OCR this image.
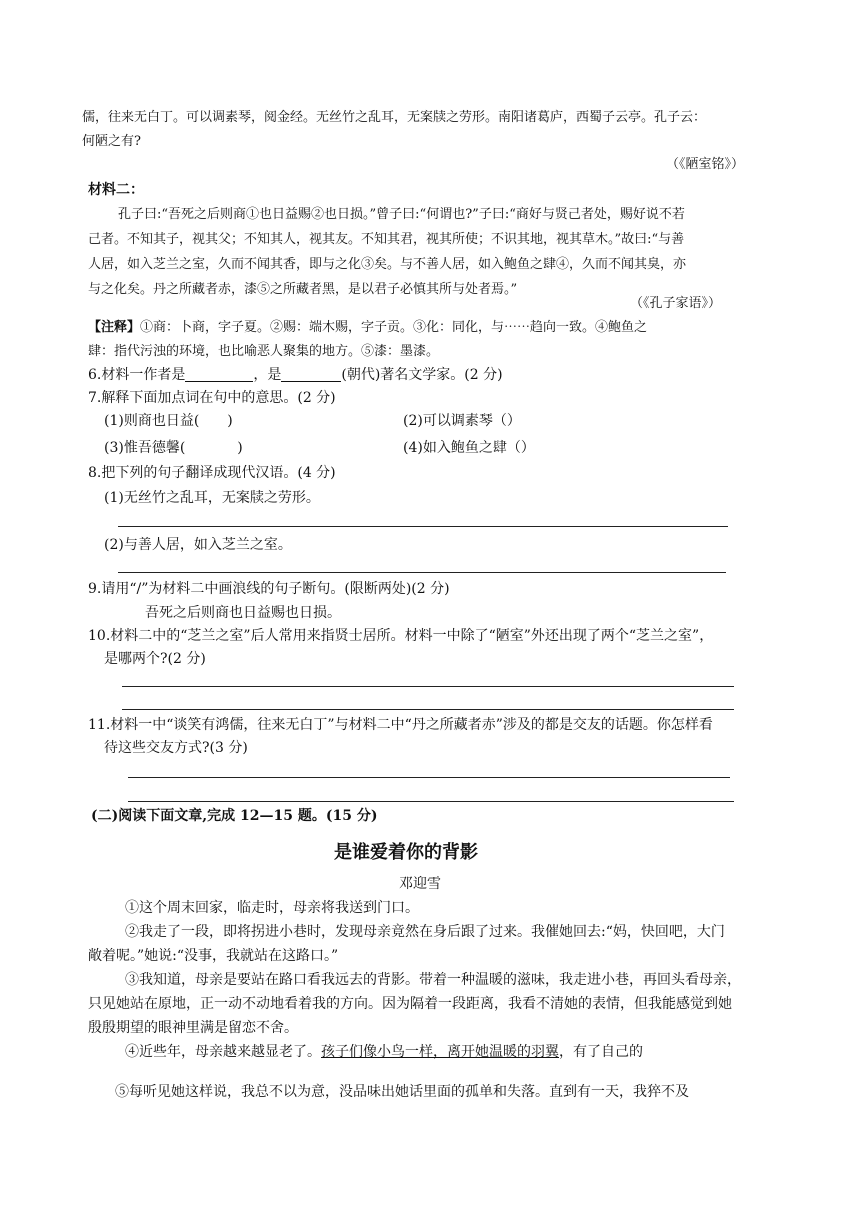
儒，往来无白丁。可以调素琴，阅金经。无丝竹之乱耳，无案牍之劳形。南阳诸葛庐，西蜀子云亭。孔子云：
何陋之有?
（《陋室铭》）
材料二：
孔子曰:“吾死之后则商①也日益赐②也日损。”曾子曰:“何谓也?”子曰:“商好与贤己者处，赐好说不若
己者。不知其子，视其父；不知其人，视其友。不知其君，视其所使；不识其地，视其草木。”故曰:“与善
人居，如入芝兰之室，久而不闻其香，即与之化③矣。与不善人居，如入鲍鱼之肆④，久而不闻其臭，亦
与之化矣。丹之所藏者赤，漆⑤之所藏者黑，是以君子必慎其所与处者焉。”
（《孔子家语》）
【注释】①商：卜商，字子夏。②赐：端木赐，字子贡。③化：同化，与⋯⋯趋向一致。④鲍鱼之
肆：指代污浊的环境，也比喻恶人聚集的地方。⑤漆：墨漆。
6.材料一作者是	，是	(朝代)著名文学家。(2 分)
7.解释下面加点词在句中的意思。(2 分)
(1)则商也日益( )	(2)可以调素琴（）
(3)惟吾德馨(	)	(4)如入鲍鱼之肆（）
8.把下列的句子翻译成现代汉语。(4 分)
(1)无丝竹之乱耳，无案牍之劳形。
(2)与善人居，如入芝兰之室。
9.请用“/”为材料二中画浪线的句子断句。(限断两处)(2 分)
吾死之后则商也日益赐也日损。
10.材料二中的“芝兰之室”后人常用来指贤士居所。材料一中除了“陋室”外还出现了两个“芝兰之室”，
是哪两个?(2 分)
11.材料一中“谈笑有鸿儒，往来无白丁”与材料二中“丹之所藏者赤”涉及的都是交友的话题。你怎样看
待这些交友方式?(3 分)
(二)阅读下面文章,完成 12—15 题。(15 分)
是谁爱着你的背影
邓迎雪
①这个周末回家，临走时，母亲将我送到门口。
②我走了一段，即将拐进小巷时，发现母亲竟然在身后跟了过来。我催她回去:“妈，快回吧，大门
敞着呢。”她说:“没事，我就站在这路口。”
③我知道，母亲是要站在路口看我远去的背影。带着一种温暖的滋味，我走进小巷，再回头看母亲，
只见她站在原地，正一动不动地看着我的方向。因为隔着一段距离，我看不清她的表情，但我能感觉到她
殷殷期望的眼神里满是留恋不舍。
④近些年，母亲越来越显老了。孩子们像小鸟一样，离开她温暖的羽翼，有了自己的
⑤每听见她这样说，我总不以为意，没品味出她话里面的孤单和失落。直到有一天，我猝不及
